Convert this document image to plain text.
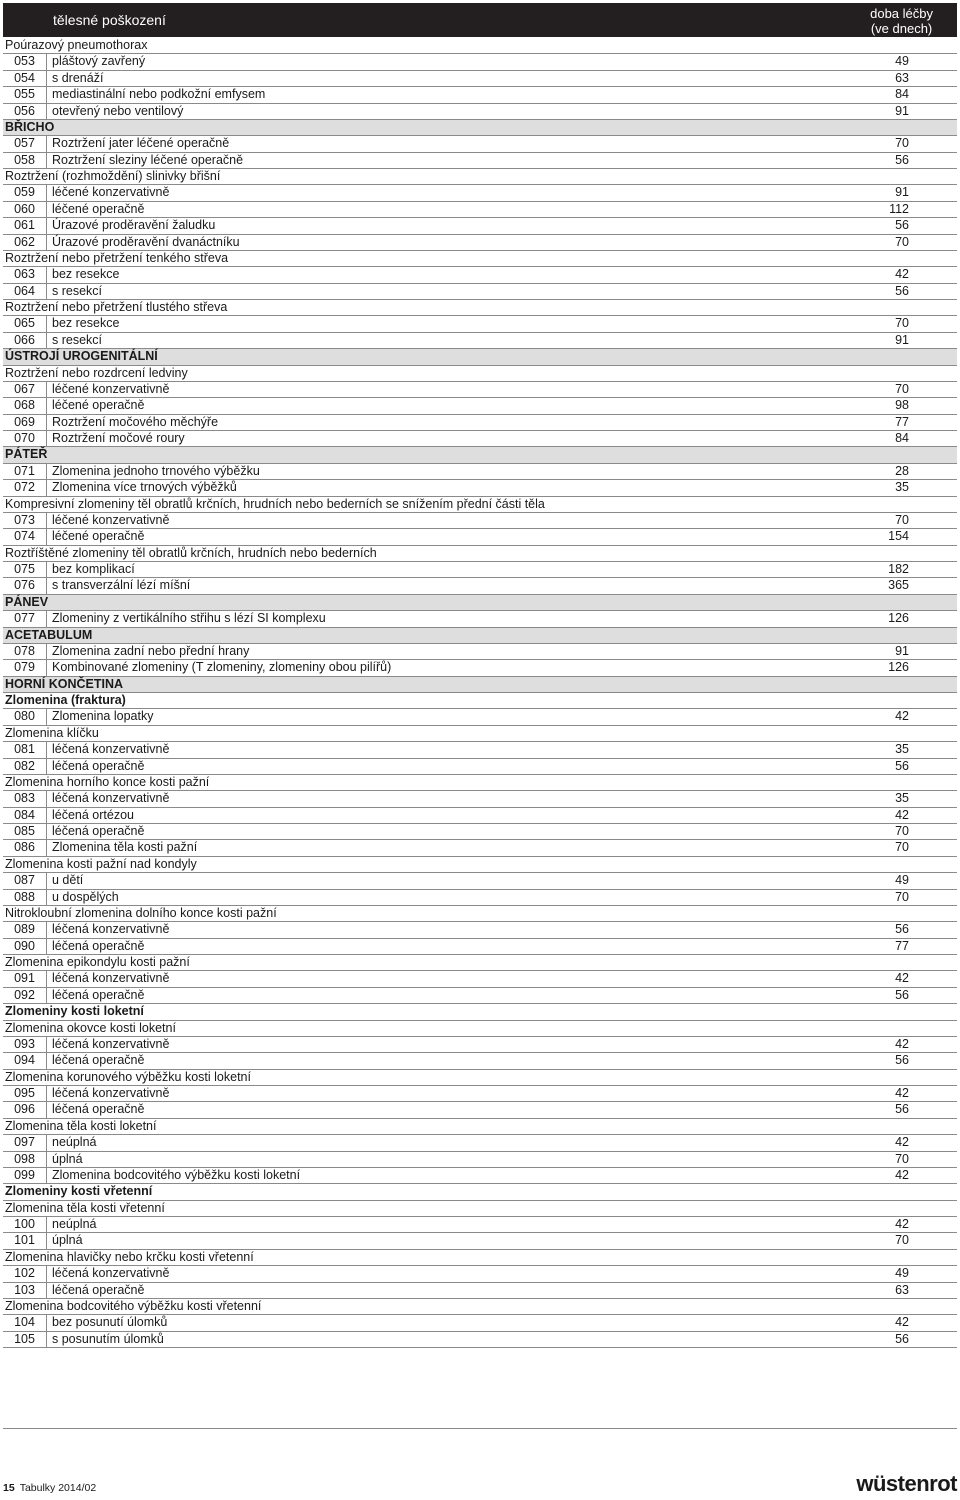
tělesné poškození	doba léčby
(ve dnech)
Poúrazový pneumothorax
053	pláštový zavřený	49
054	s drenáží	63
055	mediastinální nebo podkožní emfysem	84
056	otevřený nebo ventilový	91
BŘICHO
057	Roztržení jater léčené operačně	70
058	Roztržení sleziny léčené operačně	56
Roztržení (rozhmoždění) slinivky břišní
059	léčené konzervativně	91
060	léčené operačně	112
061	Úrazové proděravění žaludku	56
062	Úrazové proděravění dvanáctníku	70
Roztržení nebo přetržení tenkého střeva
063	bez resekce	42
064	s resekcí	56
Roztržení nebo přetržení tlustého střeva
065	bez resekce	70
066	s resekcí	91
ÚSTROJÍ UROGENITÁLNÍ
Roztržení nebo rozdrcení ledviny
067	léčené konzervativně	70
068	léčené operačně	98
069	Roztržení močového měchýře	77
070	Roztržení močové roury	84
PÁTEŘ
071	Zlomenina jednoho trnového výběžku	28
072	Zlomenina více trnových výběžků	35
Kompresivní zlomeniny těl obratlů krčních, hrudních nebo bederních se snížením přední části těla
073	léčené konzervativně	70
074	léčené operačně	154
Roztříštěné zlomeniny těl obratlů krčních, hrudních nebo bederních
075	bez komplikací	182
076	s transverzální lézí míšní	365
PÁNEV
077	Zlomeniny z vertikálního střihu s lézí SI komplexu	126
ACETABULUM
078	Zlomenina zadní nebo přední hrany	91
079	Kombinované zlomeniny (T zlomeniny, zlomeniny obou pilířů)	126
HORNÍ KONČETINA
Zlomenina (fraktura)
080	Zlomenina lopatky	42
Zlomenina klíčku
081	léčená konzervativně	35
082	léčená operačně	56
Zlomenina horního konce kosti pažní
083	léčená konzervativně	35
084	léčená ortézou	42
085	léčená operačně	70
086	Zlomenina těla kosti pažní	70
Zlomenina kosti pažní nad kondyly
087	u dětí	49
088	u dospělých	70
Nitrokloubní zlomenina dolního konce kosti pažní
089	léčená konzervativně	56
090	léčená operačně	77
Zlomenina epikondylu kosti pažní
091	léčená konzervativně	42
092	léčená operačně	56
Zlomeniny kosti loketní
Zlomenina okovce kosti loketní
093	léčená konzervativně	42
094	léčená operačně	56
Zlomenina korunového výběžku kosti loketní
095	léčená konzervativně	42
096	léčená operačně	56
Zlomenina těla kosti loketní
097	neúplná	42
098	úplná	70
099	Zlomenina bodcovitého výběžku kosti loketní	42
Zlomeniny kosti vřetenní
Zlomenina těla kosti vřetenní
100	neúplná	42
101	úplná	70
Zlomenina hlavičky nebo krčku kosti vřetenní
102	léčená konzervativně	49
103	léčená operačně	63
Zlomenina bodcovitého výběžku kosti vřetenní
104	bez posunutí úlomků	42
105	s posunutím úlomků	56
15 Tabulky 2014/02	wüstenrot
